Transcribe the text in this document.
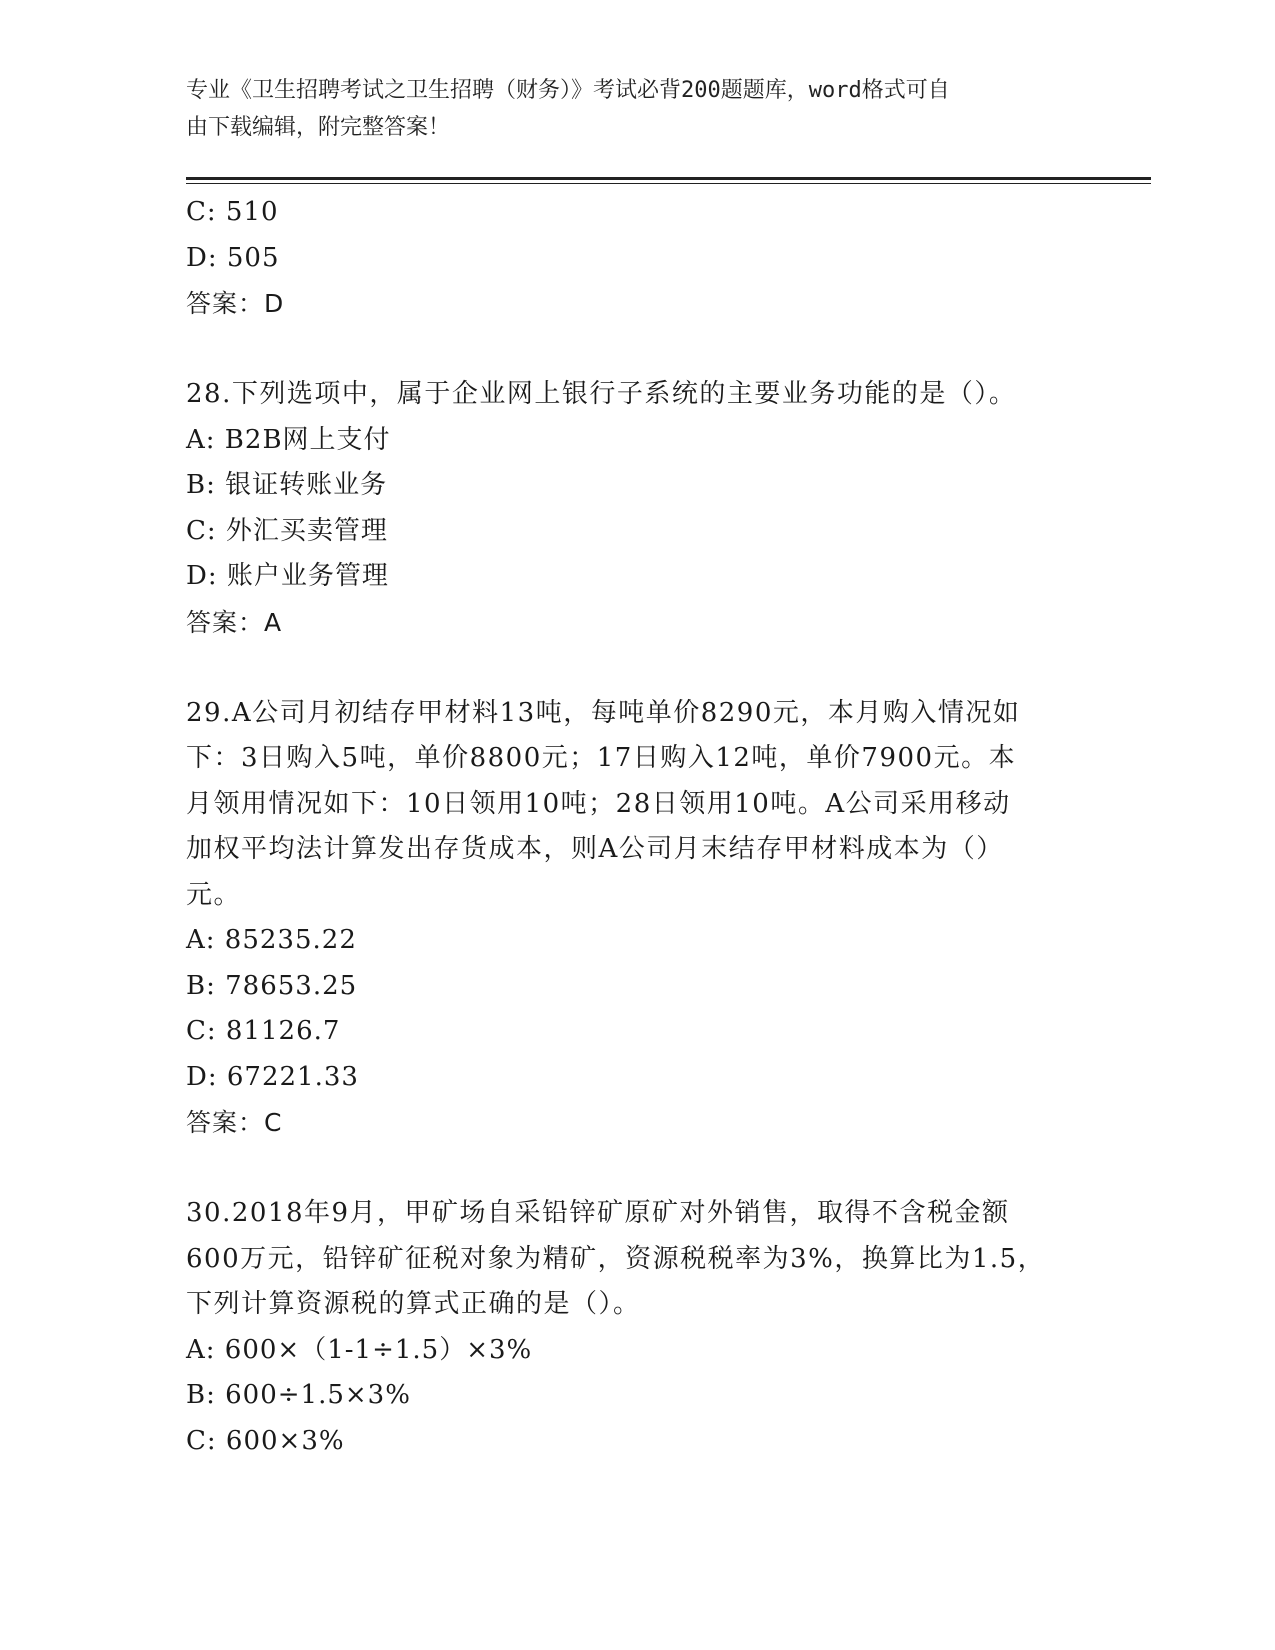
专业《卫生招聘考试之卫生招聘（财务）》考试必背200题题库，word格式可自
由下载编辑，附完整答案！
C: 510
D: 505
答案：D
28.下列选项中，属于企业网上银行子系统的主要业务功能的是（）。
A: B2B网上支付
B: 银证转账业务
C: 外汇买卖管理
D: 账户业务管理
答案：A
29.A公司月初结存甲材料13吨，每吨单价8290元，本月购入情况如
下：3日购入5吨，单价8800元；17日购入12吨，单价7900元。本
月领用情况如下：10日领用10吨；28日领用10吨。A公司采用移动
加权平均法计算发出存货成本，则A公司月末结存甲材料成本为（）
元。
A: 85235.22
B: 78653.25
C: 81126.7
D: 67221.33
答案：C
30.2018年9月，甲矿场自采铅锌矿原矿对外销售，取得不含税金额
600万元，铅锌矿征税对象为精矿，资源税税率为3%，换算比为1.5，
下列计算资源税的算式正确的是（）。
A: 600×（1-1÷1.5）×3%
B: 600÷1.5×3%
C: 600×3%
